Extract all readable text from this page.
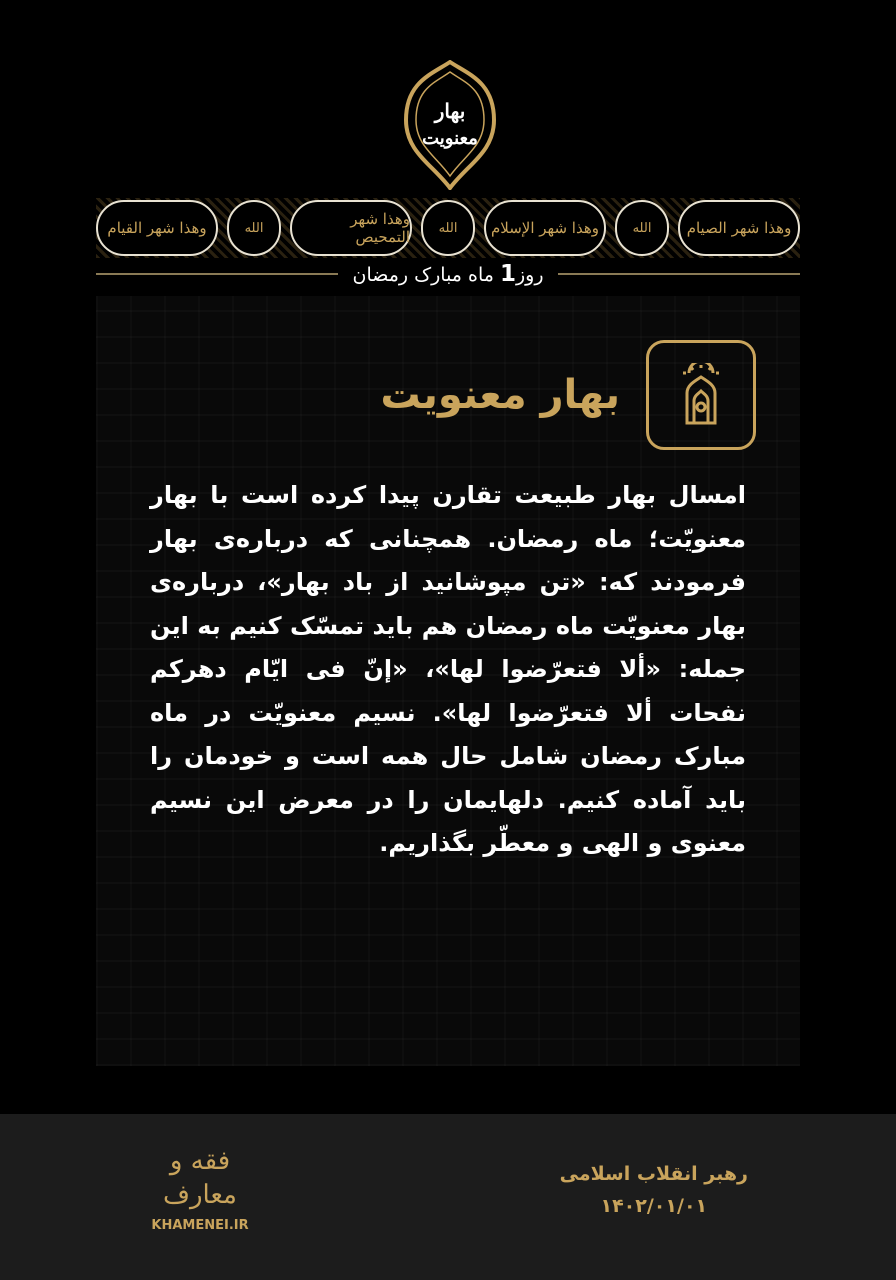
بهار
معنویت
وهذا شهر الصیام
الله
وهذا شهر الإسلام
الله
وهذا شهر التمحیص
الله
وهذا شهر القیام
روز1 ماه مبارک رمضان
بهار معنویت
امسال بهار طبیعت تقارن پیدا کرده است با بهار معنویّت؛ ماه رمضان. همچنانی که درباره‌ی بهار فرمودند که: «تن مپوشانید از باد بهار»، درباره‌ی بهار معنویّت ماه رمضان هم باید تمسّک کنیم به این جمله: «ألا فتعرّضوا لها»، «إنّ فی ایّام دهرکم نفحات ألا فتعرّضوا لها». نسیم معنویّت در ماه مبارک رمضان شامل حال همه است و خودمان را باید آماده کنیم. دلهایمان را در معرض این نسیم معنوی و الهی و معطّر بگذاریم.
فقه و معارف
KHAMENEI.IR
رهبر انقلاب اسلامی
۱۴۰۲/۰۱/۰۱
